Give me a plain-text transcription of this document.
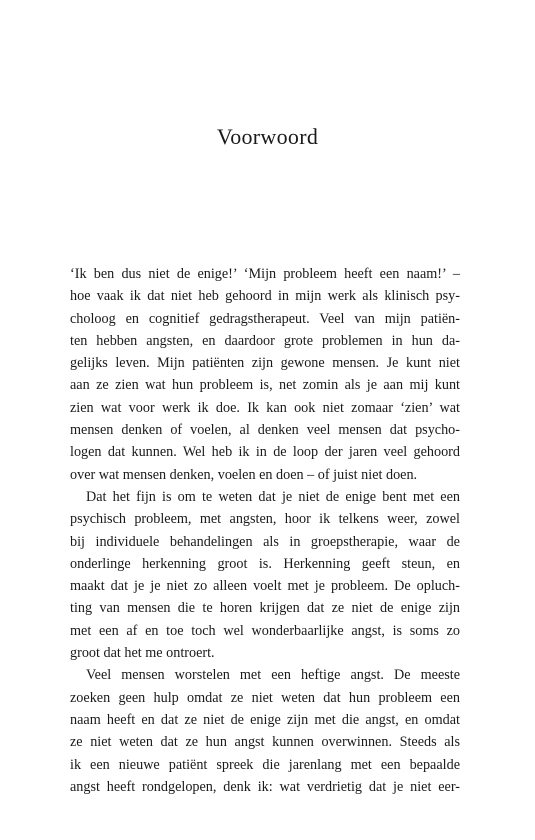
Voorwoord

‘Ik ben dus niet de enige!’ ‘Mijn probleem heeft een naam!’ –
hoe vaak ik dat niet heb gehoord in mijn werk als klinisch psy-
choloog en cognitief gedragstherapeut. Veel van mijn patiën-
ten hebben angsten, en daardoor grote problemen in hun da-
gelijks leven. Mijn patiënten zijn gewone mensen. Je kunt niet
aan ze zien wat hun probleem is, net zomin als je aan mij kunt
zien wat voor werk ik doe. Ik kan ook niet zomaar ‘zien’ wat
mensen denken of voelen, al denken veel mensen dat psycho-
logen dat kunnen. Wel heb ik in de loop der jaren veel gehoord
over wat mensen denken, voelen en doen – of juist niet doen.

Dat het fijn is om te weten dat je niet de enige bent met een
psychisch probleem, met angsten, hoor ik telkens weer, zowel
bij individuele behandelingen als in groepstherapie, waar de
onderlinge herkenning groot is. Herkenning geeft steun, en
maakt dat je je niet zo alleen voelt met je probleem. De opluch-
ting van mensen die te horen krijgen dat ze niet de enige zijn
met een af en toe toch wel wonderbaarlijke angst, is soms zo
groot dat het me ontroert.

Veel mensen worstelen met een heftige angst. De meeste
zoeken geen hulp omdat ze niet weten dat hun probleem een
naam heeft en dat ze niet de enige zijn met die angst, en omdat
ze niet weten dat ze hun angst kunnen overwinnen. Steeds als
ik een nieuwe patiënt spreek die jarenlang met een bepaalde
angst heeft rondgelopen, denk ik: wat verdrietig dat je niet eer-
